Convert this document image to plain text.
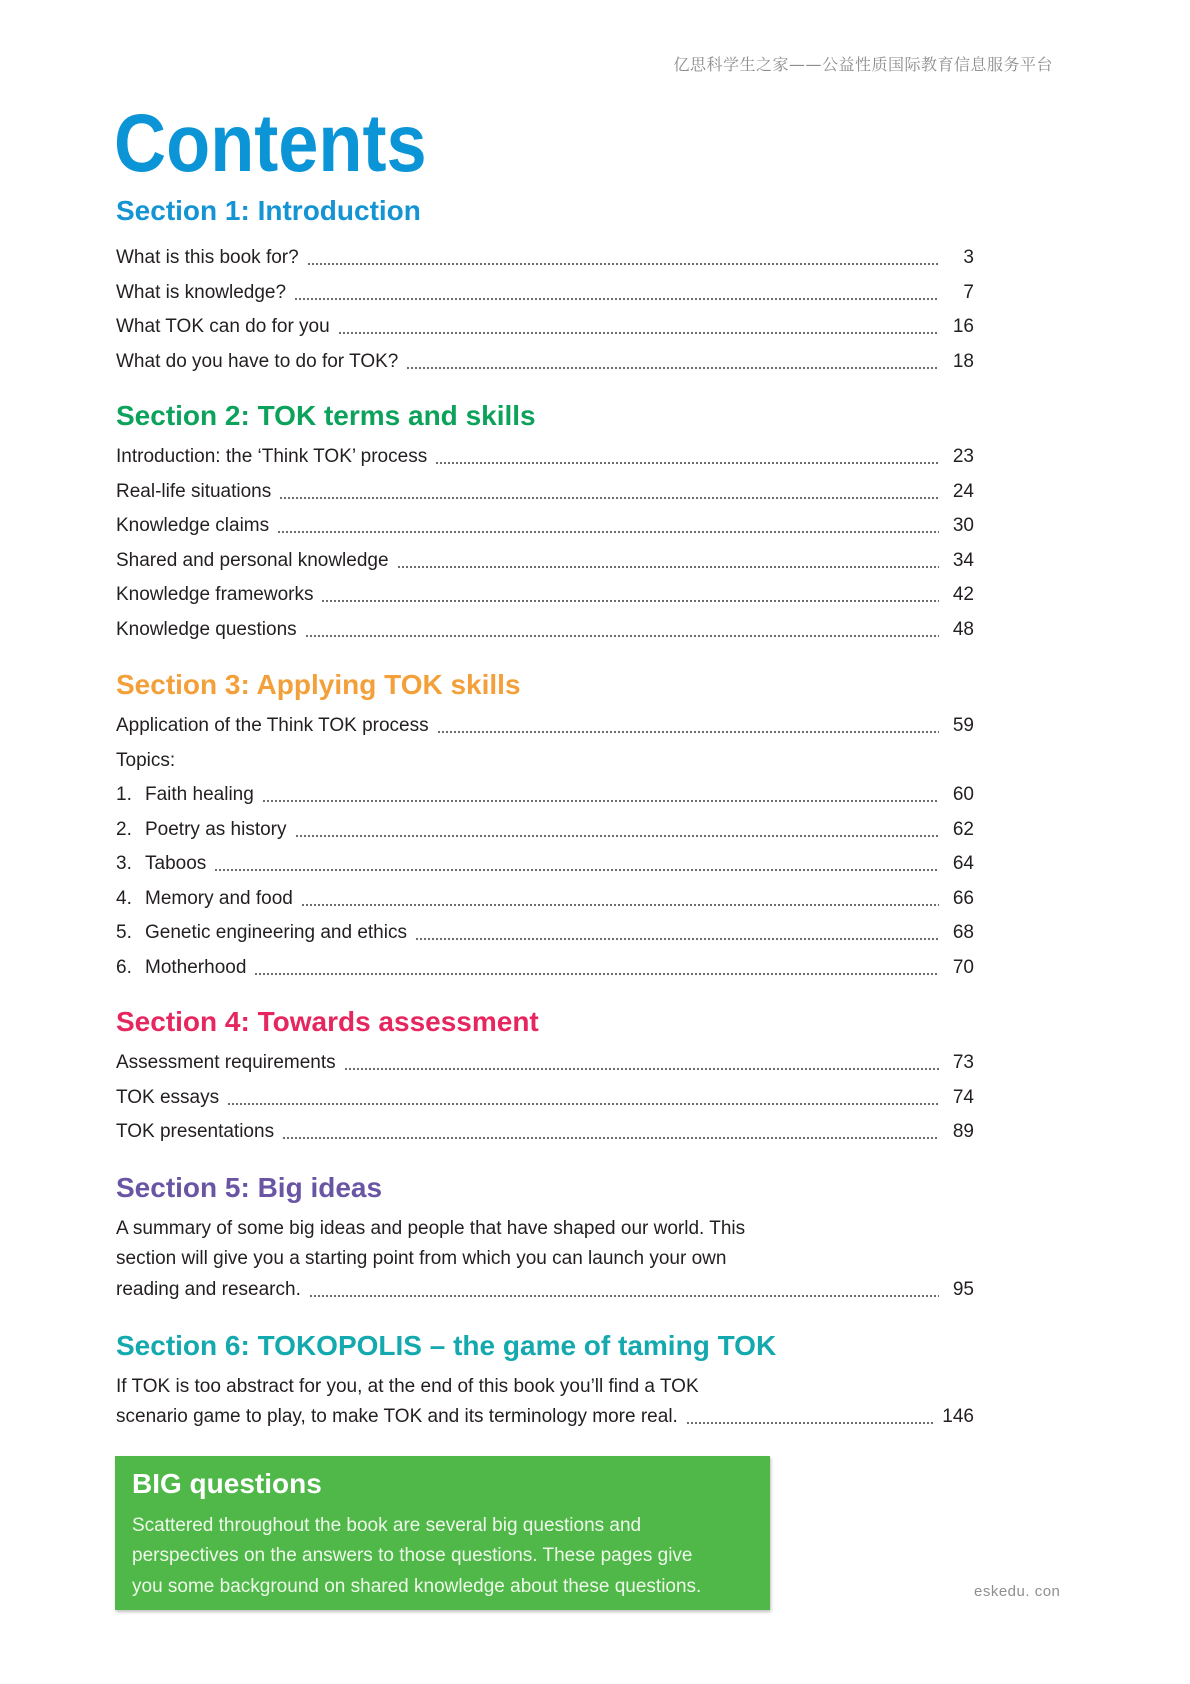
亿思科学生之家——公益性质国际教育信息服务平台
Contents
Section 1: Introduction
What is this book for?	3
What is knowledge?	7
What TOK can do for you	16
What do you have to do for TOK?	18
Section 2: TOK terms and skills
Introduction: the ‘Think TOK’ process	23
Real-life situations	24
Knowledge claims	30
Shared and personal knowledge	34
Knowledge frameworks	42
Knowledge questions	48
Section 3: Applying TOK skills
Application of the Think TOK process	59
Topics:
1. Faith healing	60
2. Poetry as history	62
3. Taboos	64
4. Memory and food	66
5. Genetic engineering and ethics	68
6. Motherhood	70
Section 4: Towards assessment
Assessment requirements	73
TOK essays	74
TOK presentations	89
Section 5: Big ideas
A summary of some big ideas and people that have shaped our world. This
section will give you a starting point from which you can launch your own
reading and research.	95
Section 6: TOKOPOLIS – the game of taming TOK
If TOK is too abstract for you, at the end of this book you’ll find a TOK
scenario game to play, to make TOK and its terminology more real.	146
BIG questions
Scattered throughout the book are several big questions and
perspectives on the answers to those questions. These pages give
you some background on shared knowledge about these questions.	eskedu. con
